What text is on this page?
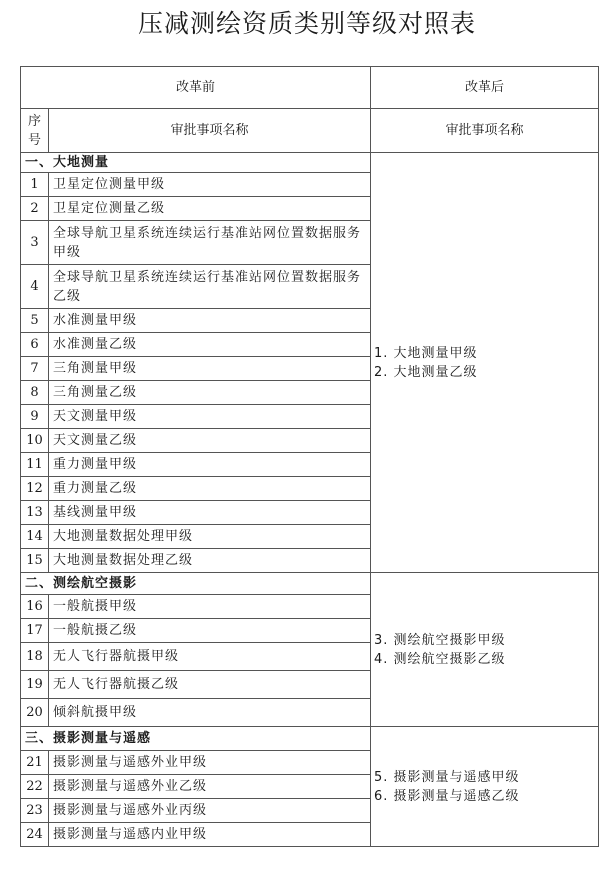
压减测绘资质类别等级对照表
改革前		改革后
序号	审批事项名称	审批事项名称
一、大地测量		1. 大地测量甲级
2. 大地测量乙级

1	卫星定位测量甲级	
2	卫星定位测量乙级	
3	全球导航卫星系统连续运行基准站网位置数据服务甲级	
4	全球导航卫星系统连续运行基准站网位置数据服务乙级	
5	水准测量甲级	
6	水准测量乙级	
7	三角测量甲级	
8	三角测量乙级	
9	天文测量甲级	
10	天文测量乙级	
11	重力测量甲级	
12	重力测量乙级	
13	基线测量甲级	
14	大地测量数据处理甲级	
15	大地测量数据处理乙级	
二、测绘航空摄影		3. 测绘航空摄影甲级
4. 测绘航空摄影乙级

16	一般航摄甲级	
17	一般航摄乙级	
18	无人飞行器航摄甲级	
19	无人飞行器航摄乙级	
20	倾斜航摄甲级	
三、摄影测量与遥感		5. 摄影测量与遥感甲级
6. 摄影测量与遥感乙级

21	摄影测量与遥感外业甲级	
22	摄影测量与遥感外业乙级	
23	摄影测量与遥感外业丙级	
24	摄影测量与遥感内业甲级	
